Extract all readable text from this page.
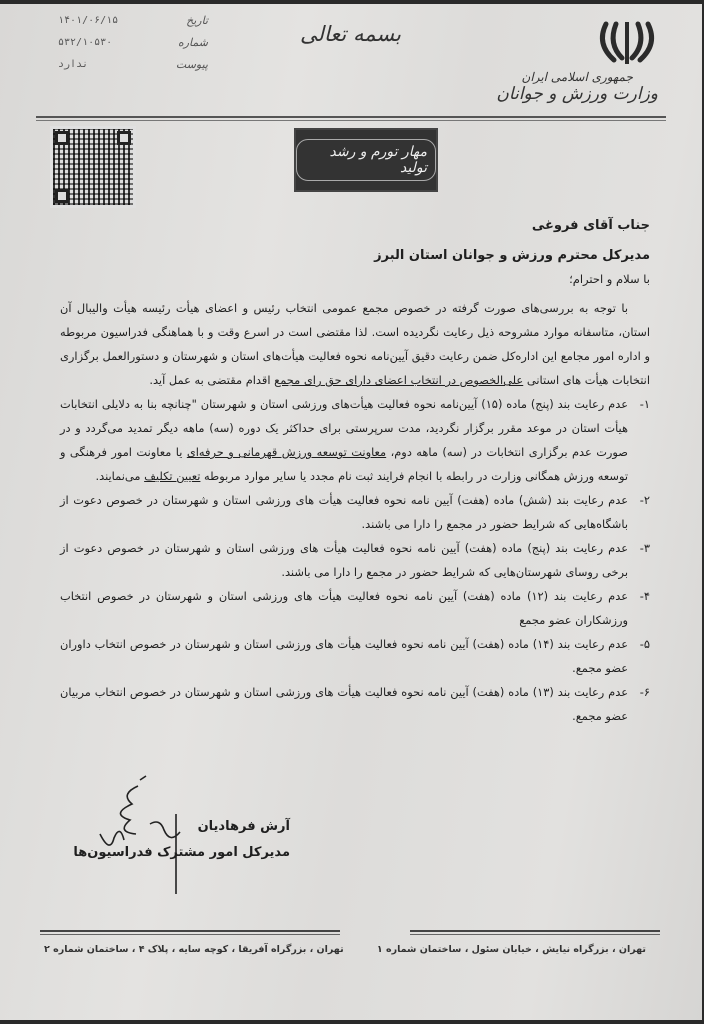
تاریخ
۱۴۰۱/۰۶/۱۵
شماره
۵۳۲/۱۰۵۳۰
پیوست
ندارد
بسمه تعالی
جمهوری اسلامی ایران
وزارت ورزش و جوانان
مهار تورم و رشد تولید
جناب آقای فروغی
مدیرکل محترم ورزش و جوانان استان البرز
با سلام و احترام؛

با توجه به بررسی‌های صورت گرفته در خصوص مجمع عمومی انتخاب رئیس و اعضای هیأت رئیسه هیأت والیبال آن استان، متاسفانه موارد مشروحه ذیل رعایت نگردیده است. لذا مقتضی است در اسرع وقت و با هماهنگی فدراسیون مربوطه و اداره امور مجامع این اداره‌کل ضمن رعایت دقیق آیین‌نامه نحوه فعالیت هیأت‌های استان و شهرستان و دستورالعمل برگزاری انتخابات هیأت های استانی علی‌الخصوص در انتخاب اعضای دارای حق رای مجمع اقدام مقتضی به عمل آید.

۱-
عدم رعایت بند (پنج) ماده (۱۵) آیین‌نامه نحوه فعالیت هیأت‌های ورزشی استان و شهرستان "چنانچه بنا به دلایلی انتخابات هیأت استان در موعد مقرر برگزار نگردید، مدت سرپرستی برای حداکثر یک دوره (سه) ماهه دیگر تمدید می‌گردد و در صورت عدم برگزاری انتخابات در (سه) ماهه دوم، معاونت توسعه ورزش قهرمانی و حرفه‌ای یا معاونت امور فرهنگی و توسعه ورزش همگانی وزارت در رابطه با انجام فرایند ثبت نام مجدد یا سایر موارد مربوطه تعیین تکلیف می‌نمایند.
۲-
عدم رعایت بند (شش) ماده (هفت) آیین نامه نحوه فعالیت هیأت های ورزشی استان و شهرستان در خصوص دعوت از باشگاه‌هایی که شرایط حضور در مجمع را دارا می باشند.
۳-
عدم رعایت بند (پنج) ماده (هفت) آیین نامه نحوه فعالیت هیأت های ورزشی استان و شهرستان در خصوص دعوت از برخی روسای شهرستان‌هایی که شرایط حضور در مجمع را دارا می باشند.
۴-
عدم رعایت بند (۱۲) ماده (هفت) آیین نامه نحوه فعالیت هیأت های ورزشی استان و شهرستان در خصوص انتخاب ورزشکاران عضو مجمع
۵-
عدم رعایت بند (۱۴) ماده (هفت) آیین نامه نحوه فعالیت هیأت های ورزشی استان و شهرستان در خصوص انتخاب داوران عضو مجمع.
۶-
عدم رعایت بند (۱۳) ماده (هفت) آیین نامه نحوه فعالیت هیأت های ورزشی استان و شهرستان در خصوص انتخاب مربیان عضو مجمع.
آرش فرهادیان
مدیرکل امور مشترک فدراسیون‌ها
تهران ، بزرگراه نیایش ، خیابان سئول ، ساختمان شماره ۱
تهران ، بزرگراه آفریقا ، کوچه سایه ، پلاک ۴ ، ساختمان شماره ۲
